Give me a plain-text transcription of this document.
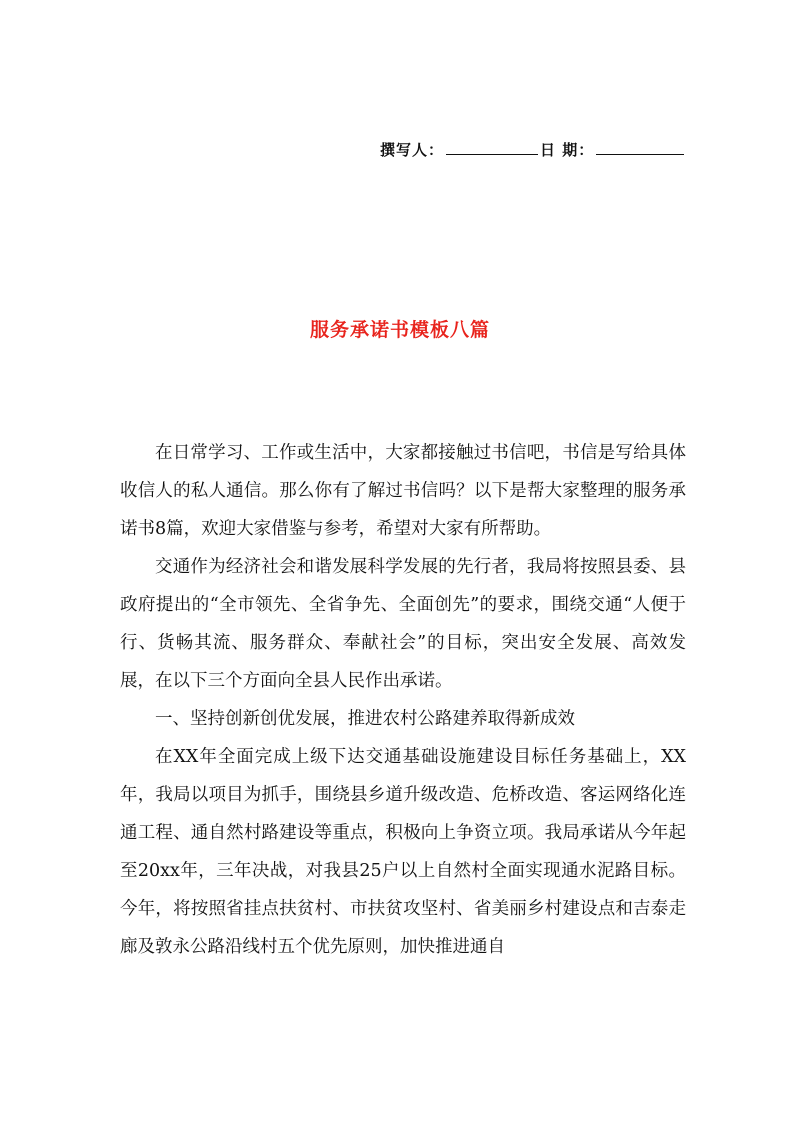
撰写人：	日 期：
服务承诺书模板八篇

在日常学习、工作或生活中，大家都接触过书信吧，书信是写给具体收信人的私人通信。那么你有了解过书信吗？以下是帮大家整理的服务承诺书8篇，欢迎大家借鉴与参考，希望对大家有所帮助。

交通作为经济社会和谐发展科学发展的先行者，我局将按照县委、县政府提出的“全市领先、全省争先、全面创先”的要求，围绕交通“人便于行、货畅其流、服务群众、奉献社会”的目标，突出安全发展、高效发展，在以下三个方面向全县人民作出承诺。

一、坚持创新创优发展，推进农村公路建养取得新成效

在XX年全面完成上级下达交通基础设施建设目标任务基础上，XX年，我局以项目为抓手，围绕县乡道升级改造、危桥改造、客运网络化连通工程、通自然村路建设等重点，积极向上争资立项。我局承诺从今年起至20xx年，三年决战，对我县25户以上自然村全面实现通水泥路目标。今年，将按照省挂点扶贫村、市扶贫攻坚村、省美丽乡村建设点和吉泰走廊及敦永公路沿线村五个优先原则，加快推进通自
